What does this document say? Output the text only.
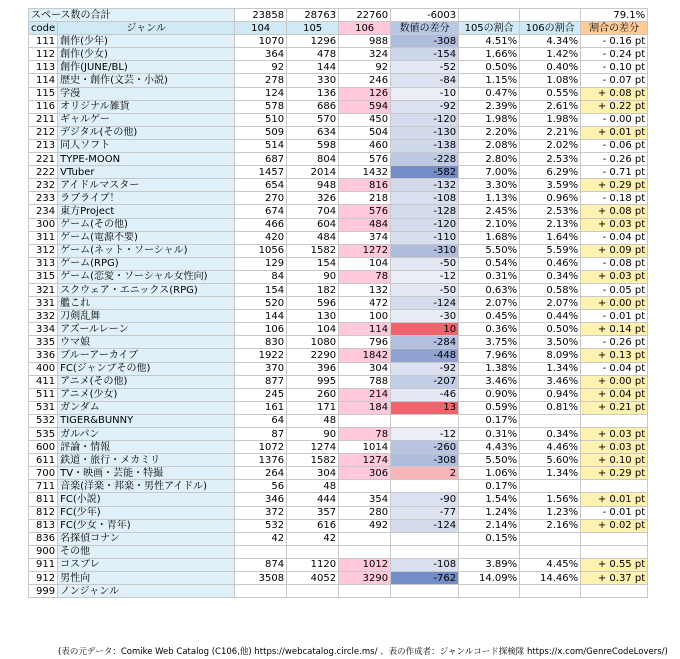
スペース数の合計		23858	28763	22760	-6003			79.1%
code	ジャンル	104	105	106	数値の差分	105の割合	106の割合	割合の差分
111	創作(少年)	1070	1296	988	-308	4.51%	4.34%	- 0.16 pt
112	創作(少女)	364	478	324	-154	1.66%	1.42%	- 0.24 pt
113	創作(JUNE/BL)	92	144	92	-52	0.50%	0.40%	- 0.10 pt
114	歴史・創作(文芸・小説)	278	330	246	-84	1.15%	1.08%	- 0.07 pt
115	学漫	124	136	126	-10	0.47%	0.55%	+ 0.08 pt
116	オリジナル雑貨	578	686	594	-92	2.39%	2.61%	+ 0.22 pt
211	ギャルゲー	510	570	450	-120	1.98%	1.98%	- 0.00 pt
212	デジタル(その他)	509	634	504	-130	2.20%	2.21%	+ 0.01 pt
213	同人ソフト	514	598	460	-138	2.08%	2.02%	- 0.06 pt
221	TYPE-MOON	687	804	576	-228	2.80%	2.53%	- 0.26 pt
222	VTuber	1457	2014	1432	-582	7.00%	6.29%	- 0.71 pt
232	アイドルマスター	654	948	816	-132	3.30%	3.59%	+ 0.29 pt
233	ラブライブ！	270	326	218	-108	1.13%	0.96%	- 0.18 pt
234	東方Project	674	704	576	-128	2.45%	2.53%	+ 0.08 pt
300	ゲーム(その他)	466	604	484	-120	2.10%	2.13%	+ 0.03 pt
311	ゲーム(電源不要)	420	484	374	-110	1.68%	1.64%	- 0.04 pt
312	ゲーム(ネット・ソーシャル)	1056	1582	1272	-310	5.50%	5.59%	+ 0.09 pt
313	ゲーム(RPG)	129	154	104	-50	0.54%	0.46%	- 0.08 pt
315	ゲーム(恋愛・ソーシャル女性向)	84	90	78	-12	0.31%	0.34%	+ 0.03 pt
321	スクウェア・エニックス(RPG)	154	182	132	-50	0.63%	0.58%	- 0.05 pt
331	艦これ	520	596	472	-124	2.07%	2.07%	+ 0.00 pt
332	刀剣乱舞	144	130	100	-30	0.45%	0.44%	- 0.01 pt
334	アズールレーン	106	104	114	10	0.36%	0.50%	+ 0.14 pt
335	ウマ娘	830	1080	796	-284	3.75%	3.50%	- 0.26 pt
336	ブルーアーカイブ	1922	2290	1842	-448	7.96%	8.09%	+ 0.13 pt
400	FC(ジャンプその他)	370	396	304	-92	1.38%	1.34%	- 0.04 pt
411	アニメ(その他)	877	995	788	-207	3.46%	3.46%	+ 0.00 pt
511	アニメ(少女)	245	260	214	-46	0.90%	0.94%	+ 0.04 pt
531	ガンダム	161	171	184	13	0.59%	0.81%	+ 0.21 pt
532	TIGER&BUNNY	64	48			0.17%		
535	ガルパン	87	90	78	-12	0.31%	0.34%	+ 0.03 pt
600	評論・情報	1072	1274	1014	-260	4.43%	4.46%	+ 0.03 pt
611	鉄道・旅行・メカミリ	1376	1582	1274	-308	5.50%	5.60%	+ 0.10 pt
700	TV・映画・芸能・特撮	264	304	306	2	1.06%	1.34%	+ 0.29 pt
711	音楽(洋楽・邦楽・男性アイドル)	56	48			0.17%		
811	FC(小説)	346	444	354	-90	1.54%	1.56%	+ 0.01 pt
812	FC(少年)	372	357	280	-77	1.24%	1.23%	- 0.01 pt
813	FC(少女・青年)	532	616	492	-124	2.14%	2.16%	+ 0.02 pt
836	名探偵コナン	42	42			0.15%		
900	その他							
911	コスプレ	874	1120	1012	-108	3.89%	4.45%	+ 0.55 pt
912	男性向	3508	4052	3290	-762	14.09%	14.46%	+ 0.37 pt
999	ノンジャンル							
(表の元データ：Comike Web Catalog (C106,他) https://webcatalog.circle.ms/ 、表の作成者：ジャンルコード探検隊 https://x.com/GenreCodeLovers/)
